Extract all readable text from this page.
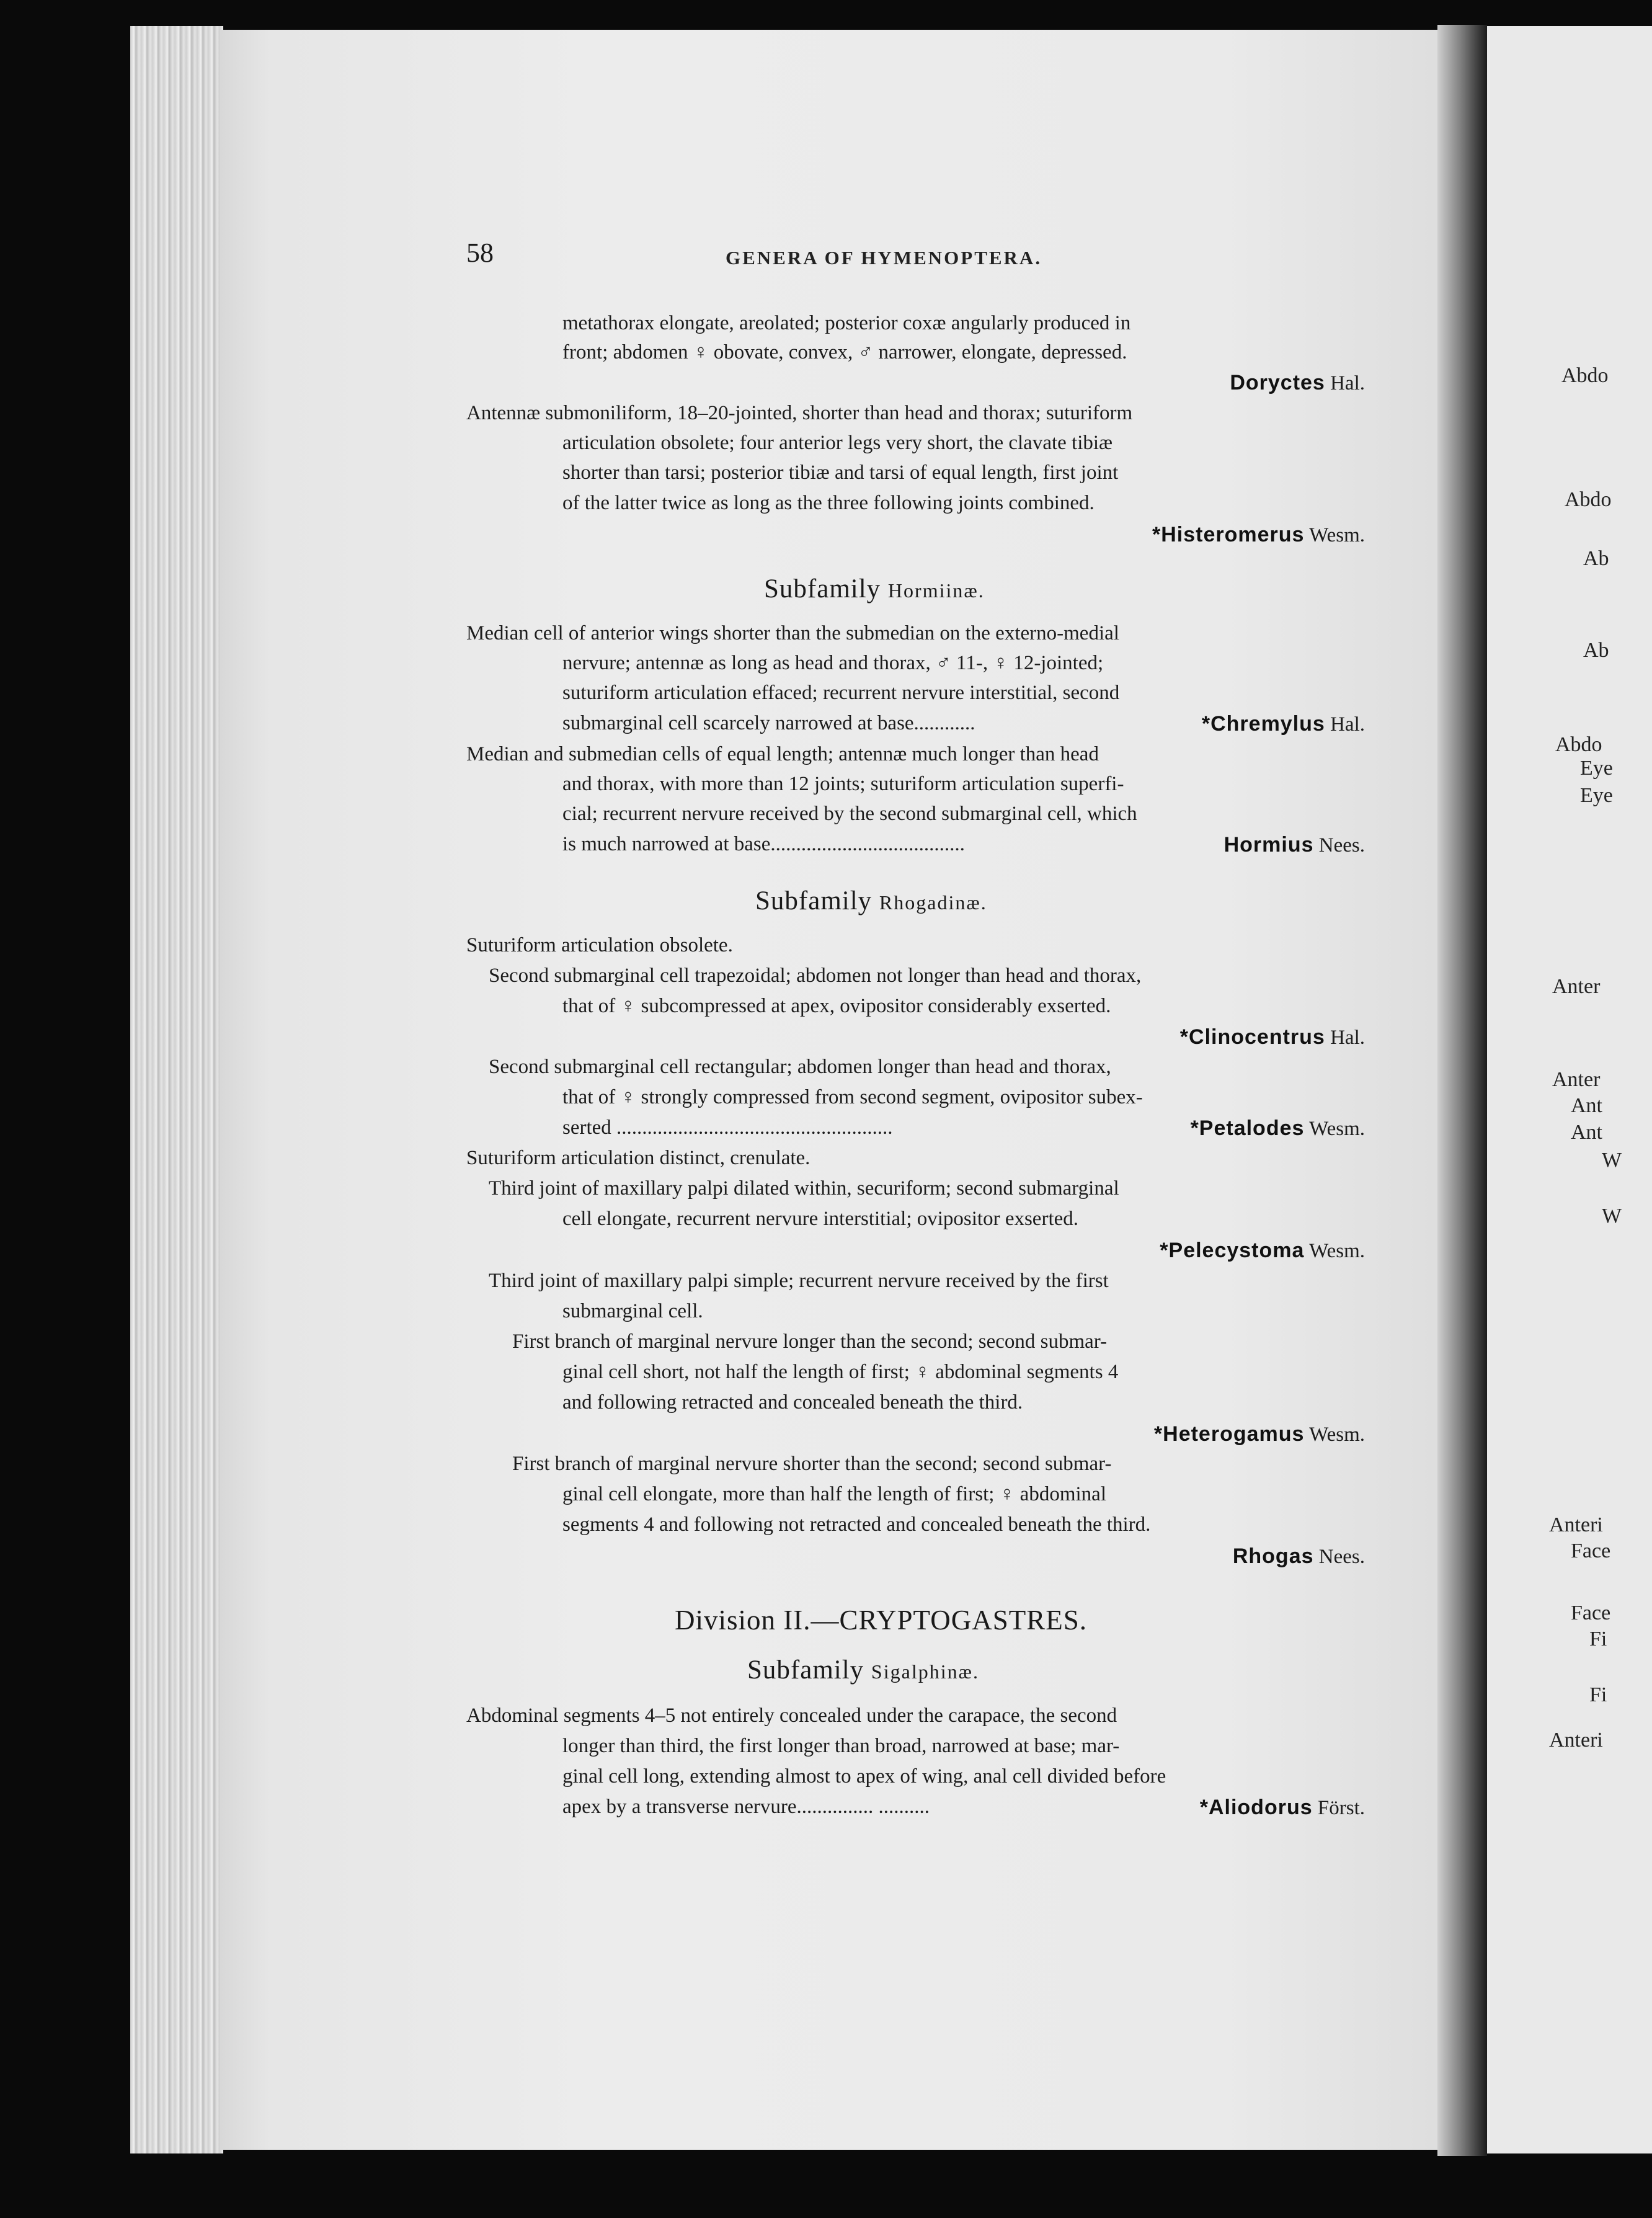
Abdo
Abdo
Ab
Ab
Abdo
Eye
Eye
Anter
Anter
Ant
Ant
W
W
Anteri
Face
Face
Fi
Fi
Anteri
58	GENERA OF HYMENOPTERA.
metathorax elongate, areolated; posterior coxæ angularly produced in
front; abdomen ♀ obovate, convex, ♂ narrower, elongate, depressed.
Doryctes Hal.
Antennæ submoniliform, 18–20-jointed, shorter than head and thorax; suturiform
articulation obsolete; four anterior legs very short, the clavate tibiæ
shorter than tarsi; posterior tibiæ and tarsi of equal length, first joint
of the latter twice as long as the three following joints combined.
*Histeromerus Wesm.
Subfamily Hormiinæ.
Median cell of anterior wings shorter than the submedian on the externo-medial
nervure; antennæ as long as head and thorax, ♂ 11-, ♀ 12-jointed;
suturiform articulation effaced; recurrent nervure interstitial, second
submarginal cell scarcely narrowed at base............	*Chremylus Hal.
Median and submedian cells of equal length; antennæ much longer than head
and thorax, with more than 12 joints; suturiform articulation superfi-
cial; recurrent nervure received by the second submarginal cell, which
is much narrowed at base......................................	Hormius Nees.
Subfamily Rhogadinæ.
Suturiform articulation obsolete.
Second submarginal cell trapezoidal; abdomen not longer than head and thorax,
that of ♀ subcompressed at apex, ovipositor considerably exserted.
*Clinocentrus Hal.
Second submarginal cell rectangular; abdomen longer than head and thorax,
that of ♀ strongly compressed from second segment, ovipositor subex-
serted ......................................................	*Petalodes Wesm.
Suturiform articulation distinct, crenulate.
Third joint of maxillary palpi dilated within, securiform; second submarginal
cell elongate, recurrent nervure interstitial; ovipositor exserted.
*Pelecystoma Wesm.
Third joint of maxillary palpi simple; recurrent nervure received by the first
submarginal cell.
First branch of marginal nervure longer than the second; second submar-
ginal cell short, not half the length of first; ♀ abdominal segments 4
and following retracted and concealed beneath the third.
*Heterogamus Wesm.
First branch of marginal nervure shorter than the second; second submar-
ginal cell elongate, more than half the length of first; ♀ abdominal
segments 4 and following not retracted and concealed beneath the third.
Rhogas Nees.
Division II.—CRYPTOGASTRES.
Subfamily Sigalphinæ.
Abdominal segments 4–5 not entirely concealed under the carapace, the second
longer than third, the first longer than broad, narrowed at base; mar-
ginal cell long, extending almost to apex of wing, anal cell divided before
apex by a transverse nervure............... ..........	*Aliodorus Först.
